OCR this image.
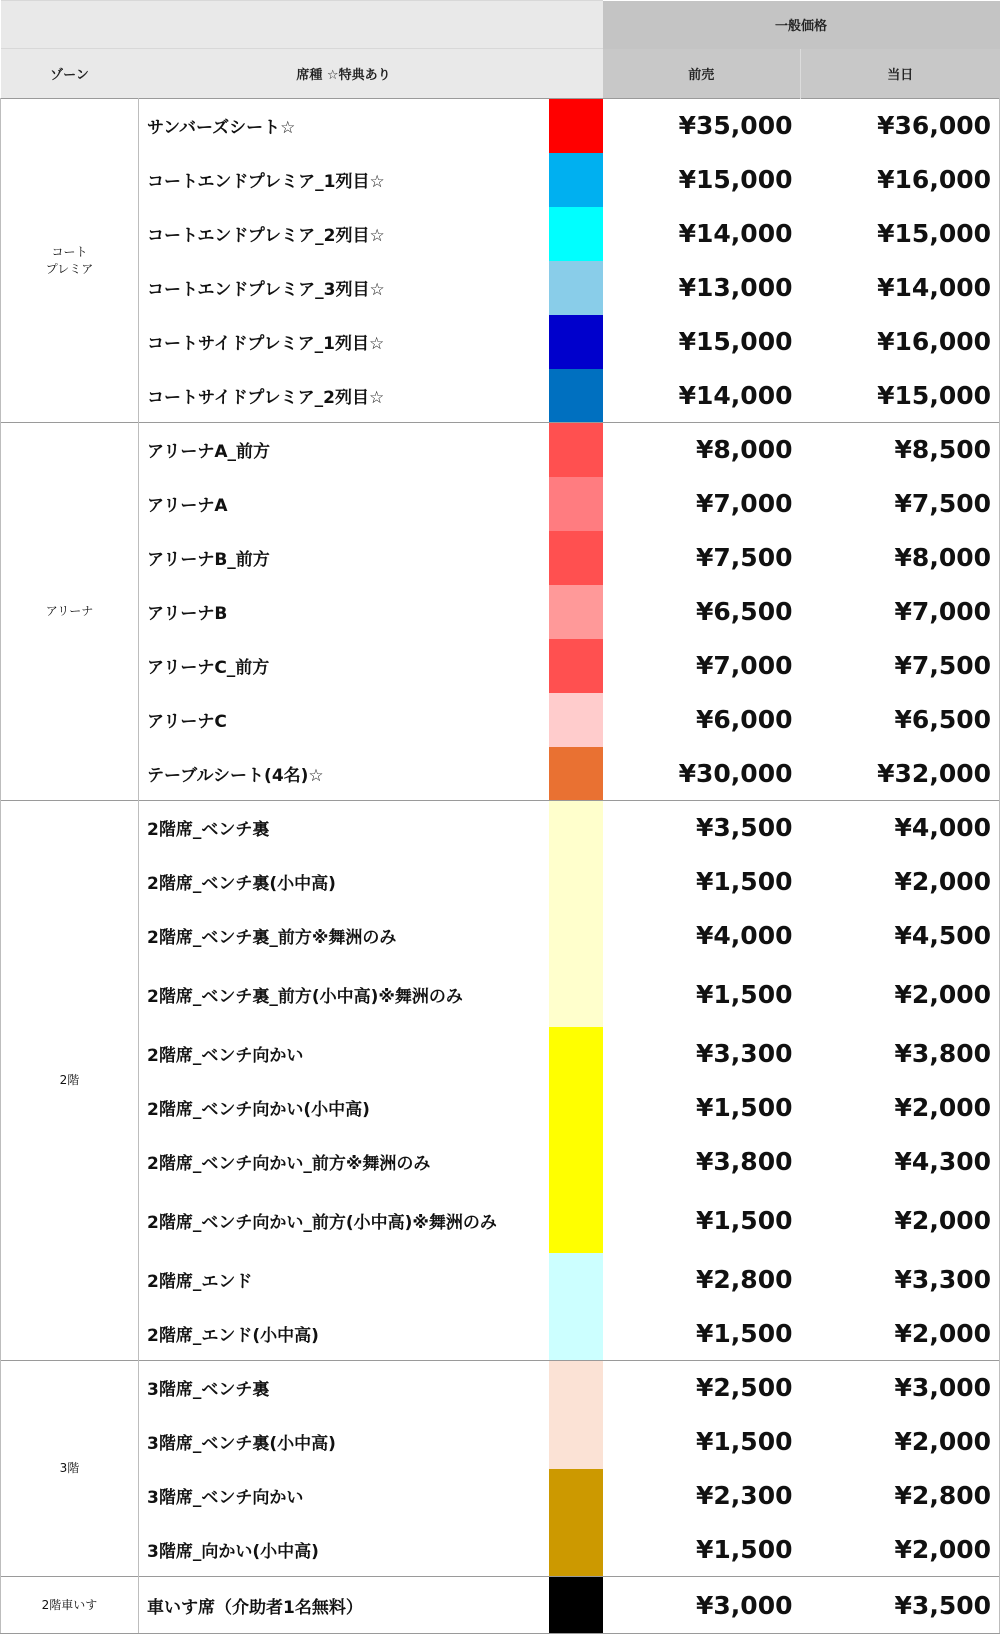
			一般価格	
ゾーン	席種 ☆特典あり		前売	当日
コート
プレミア	サンバーズシート☆		¥35,000	¥36,000
	コートエンドプレミア_1列目☆		¥15,000	¥16,000
	コートエンドプレミア_2列目☆		¥14,000	¥15,000
	コートエンドプレミア_3列目☆		¥13,000	¥14,000
	コートサイドプレミア_1列目☆		¥15,000	¥16,000
	コートサイドプレミア_2列目☆		¥14,000	¥15,000
アリーナ	アリーナA_前方		¥8,000	¥8,500
	アリーナA		¥7,000	¥7,500
	アリーナB_前方		¥7,500	¥8,000
	アリーナB		¥6,500	¥7,000
	アリーナC_前方		¥7,000	¥7,500
	アリーナC		¥6,000	¥6,500
	テーブルシート(4名)☆		¥30,000	¥32,000
2階	2階席_ベンチ裏		¥3,500	¥4,000
	2階席_ベンチ裏(小中高)		¥1,500	¥2,000
	2階席_ベンチ裏_前方※舞洲のみ		¥4,000	¥4,500
	2階席_ベンチ裏_前方(小中高)※舞洲のみ		¥1,500	¥2,000
	2階席_ベンチ向かい		¥3,300	¥3,800
	2階席_ベンチ向かい(小中高)		¥1,500	¥2,000
	2階席_ベンチ向かい_前方※舞洲のみ		¥3,800	¥4,300
	2階席_ベンチ向かい_前方(小中高)※舞洲のみ		¥1,500	¥2,000
	2階席_エンド		¥2,800	¥3,300
	2階席_エンド(小中高)		¥1,500	¥2,000
3階	3階席_ベンチ裏		¥2,500	¥3,000
	3階席_ベンチ裏(小中高)		¥1,500	¥2,000
	3階席_ベンチ向かい		¥2,300	¥2,800
	3階席_向かい(小中高)		¥1,500	¥2,000
2階車いす	車いす席（介助者1名無料）		¥3,000	¥3,500
